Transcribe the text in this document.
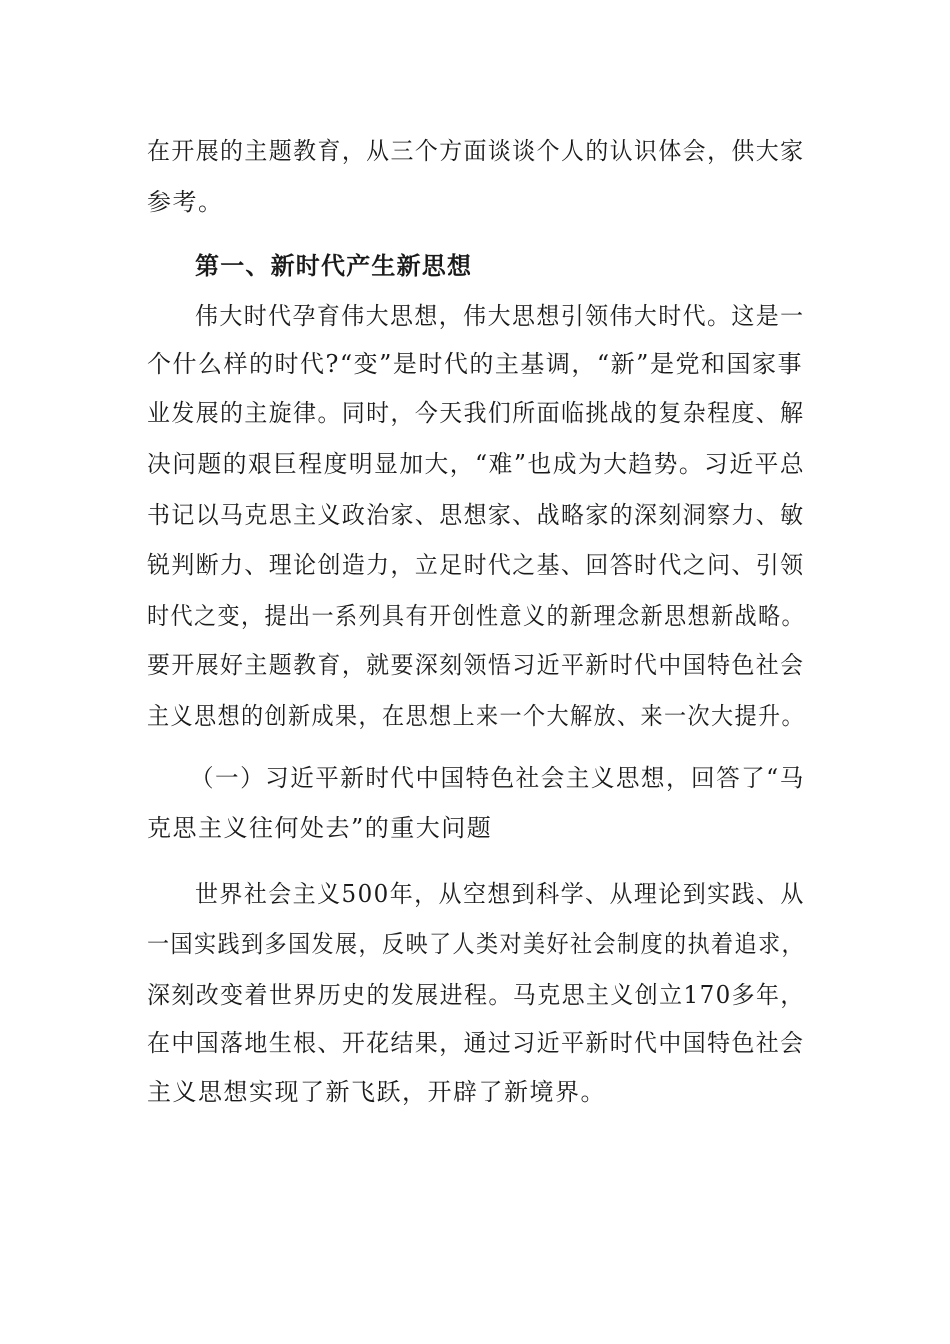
在开展的主题教育，从三个方面谈谈个人的认识体会，供大家
参考。
第一、新时代产生新思想
伟大时代孕育伟大思想，伟大思想引领伟大时代。这是一
个什么样的时代?“变”是时代的主基调，“新”是党和国家事
业发展的主旋律。同时，今天我们所面临挑战的复杂程度、解
决问题的艰巨程度明显加大，“难”也成为大趋势。习近平总
书记以马克思主义政治家、思想家、战略家的深刻洞察力、敏
锐判断力、理论创造力，立足时代之基、回答时代之问、引领
时代之变，提出一系列具有开创性意义的新理念新思想新战略。
要开展好主题教育，就要深刻领悟习近平新时代中国特色社会
主义思想的创新成果，在思想上来一个大解放、来一次大提升。
（一）习近平新时代中国特色社会主义思想，回答了“马
克思主义往何处去”的重大问题
世界社会主义500年，从空想到科学、从理论到实践、从
一国实践到多国发展，反映了人类对美好社会制度的执着追求，
深刻改变着世界历史的发展进程。马克思主义创立170多年，
在中国落地生根、开花结果，通过习近平新时代中国特色社会
主义思想实现了新飞跃，开辟了新境界。
